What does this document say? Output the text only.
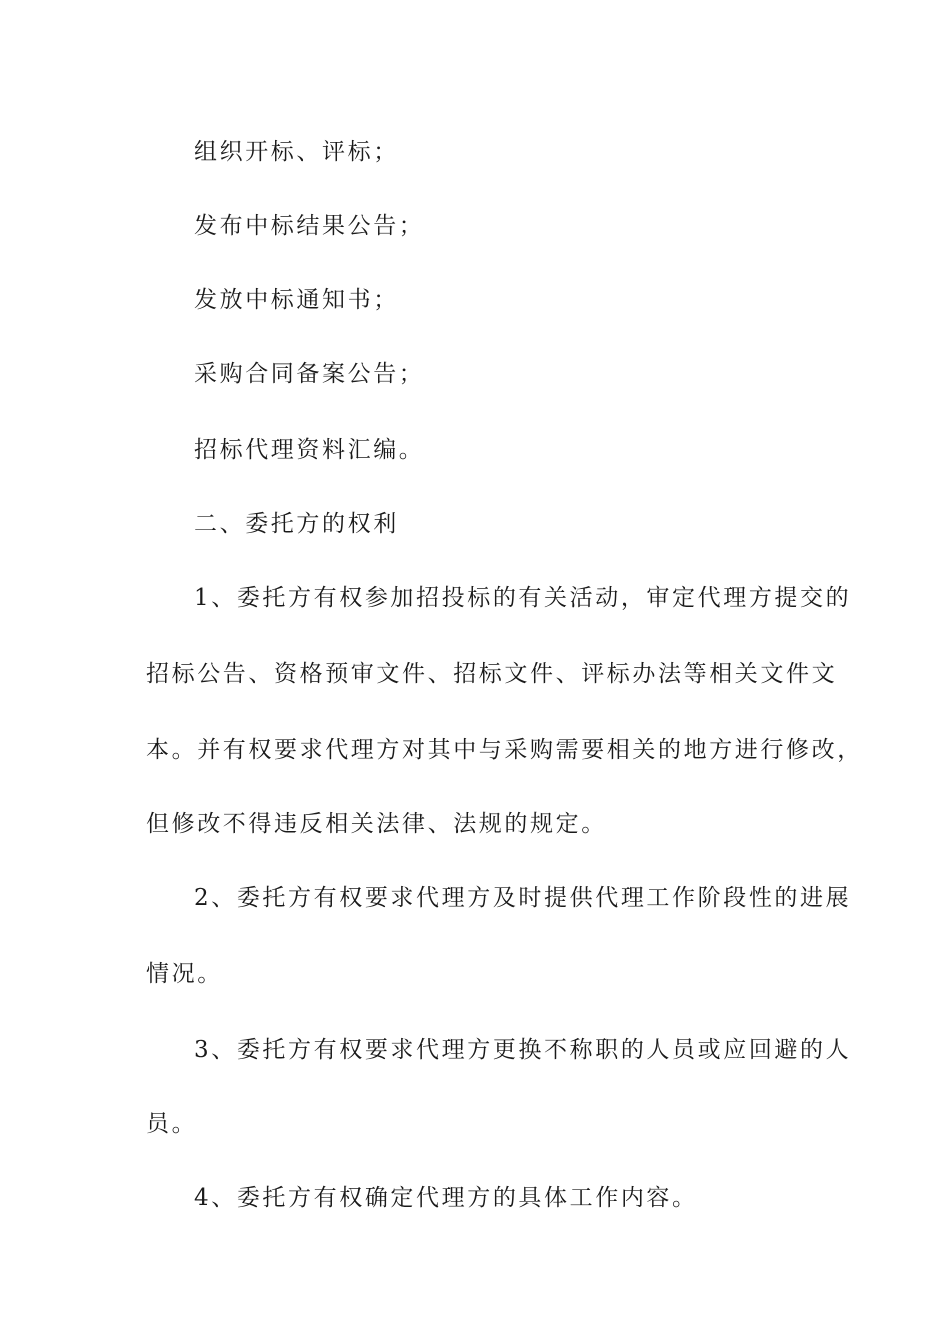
组织开标、评标；
发布中标结果公告；
发放中标通知书；
采购合同备案公告；
招标代理资料汇编。
二、委托方的权利
1、委托方有权参加招投标的有关活动，审定代理方提交的
招标公告、资格预审文件、招标文件、评标办法等相关文件文
本。并有权要求代理方对其中与采购需要相关的地方进行修改，
但修改不得违反相关法律、法规的规定。
2、委托方有权要求代理方及时提供代理工作阶段性的进展
情况。
3、委托方有权要求代理方更换不称职的人员或应回避的人
员。
4、委托方有权确定代理方的具体工作内容。
